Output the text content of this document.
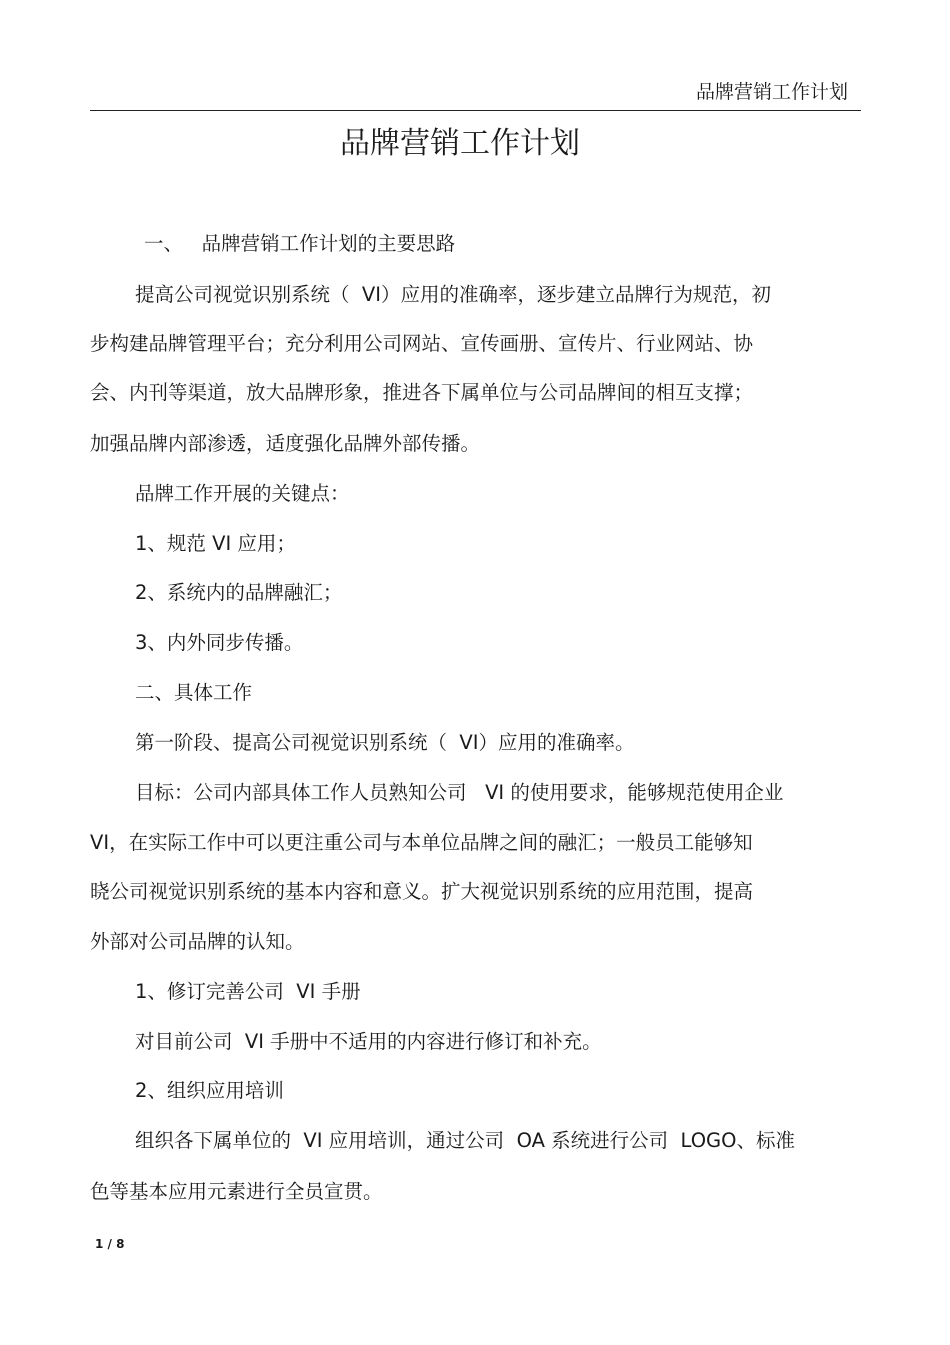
品牌营销工作计划
品牌营销工作计划
一、   品牌营销工作计划的主要思路
提高公司视觉识别系统（  VI）应用的准确率，逐步建立品牌行为规范，初
步构建品牌管理平台；充分利用公司网站、宣传画册、宣传片、行业网站、协
会、内刊等渠道，放大品牌形象，推进各下属单位与公司品牌间的相互支撑；
加强品牌内部渗透，适度强化品牌外部传播。
品牌工作开展的关键点：
1、规范 VI 应用；
2、系统内的品牌融汇；
3、内外同步传播。
二、具体工作
第一阶段、提高公司视觉识别系统（  VI）应用的准确率。
目标：公司内部具体工作人员熟知公司   VI 的使用要求，能够规范使用企业
VI，在实际工作中可以更注重公司与本单位品牌之间的融汇；一般员工能够知
晓公司视觉识别系统的基本内容和意义。扩大视觉识别系统的应用范围，提高
外部对公司品牌的认知。
1、修订完善公司  VI 手册
对目前公司  VI 手册中不适用的内容进行修订和补充。
2、组织应用培训
组织各下属单位的  VI 应用培训，通过公司  OA 系统进行公司  LOGO、标准
色等基本应用元素进行全员宣贯。
1 / 8
